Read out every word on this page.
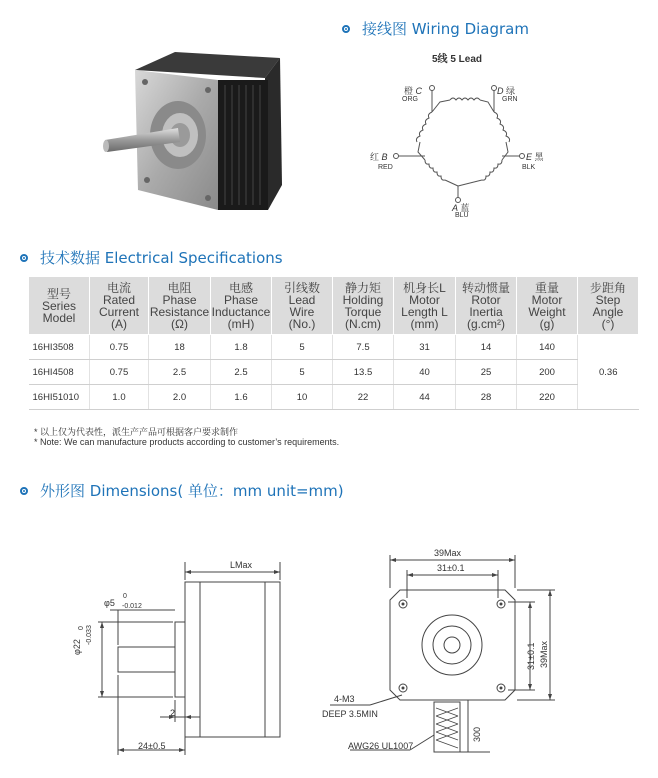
接线图 Wiring Diagram
5线 5 Lead
橙 C
ORG
D 绿
GRN
红 B
RED
E 黑
BLK
A 蓝
BLU
技术数据 Electrical Specifications
型号
Series
Model	电流
Rated
Current
(A)	电阻
Phase
Resistance
(Ω)	电感
Phase
Inductance
(mH)	引线数
Lead
Wire
(No.)	静力矩
Holding
Torque
(N.cm)	机身长L
Motor
Length L
(mm)	转动惯量
Rotor
Inertia
(g.cm²)	重量
Motor
Weight
(g)	步距角
Step
Angle
(°)
16HI3508	0.75	18	1.8	5	7.5	31	14	140	0.36
16HI4508	0.75	2.5	2.5	5	13.5	40	25	200	
16HI51010	1.0	2.0	1.6	10	22	44	28	220	
* 以上仅为代表性，派生产产品可根据客户要求制作
* Note: We can manufacture products according to customer’s requirements.
外形图 Dimensions( 单位：mm unit=mm)
LMax
φ5
0
-0.012
φ22
0 -0.033
2
24±0.5
39Max
31±0.1
31±0.1 39Max
4-M3
DEEP 3.5MIN
AWG26 UL1007
300
